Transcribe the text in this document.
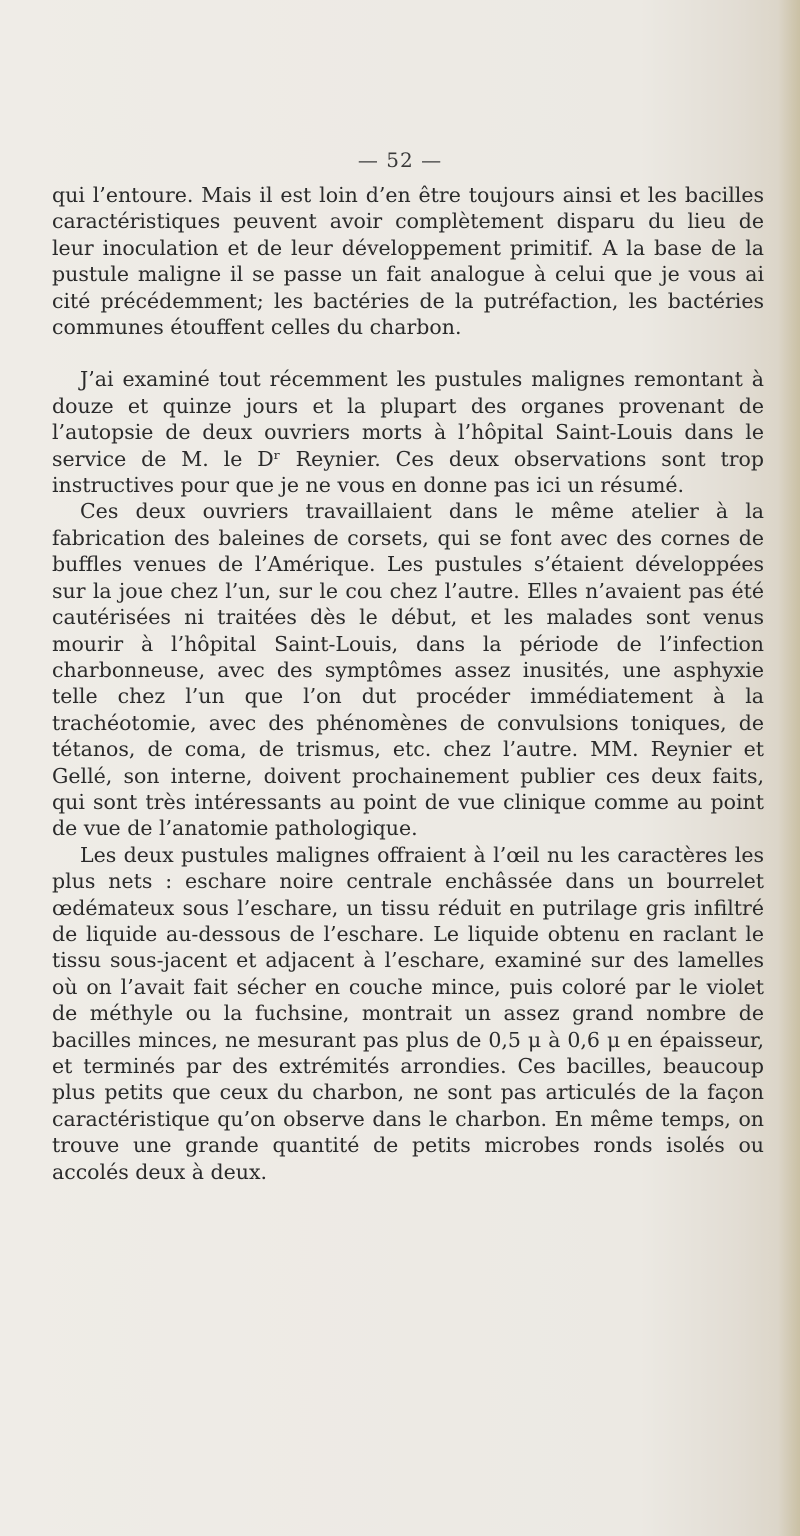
— 52 —

qui l’entoure. Mais il est loin d’en être toujours ainsi et les bacilles caractéristiques peuvent avoir complètement disparu du lieu de leur inoculation et de leur développement primitif. A la base de la pustule maligne il se passe un fait analogue à celui que je vous ai cité précédemment; les bactéries de la putréfaction, les bactéries communes étouffent celles du charbon.

J’ai examiné tout récemment les pustules malignes remontant à douze et quinze jours et la plupart des organes provenant de l’autopsie de deux ouvriers morts à l’hôpital Saint-Louis dans le service de M. le Dʳ Reynier. Ces deux observations sont trop instructives pour que je ne vous en donne pas ici un résumé.

Ces deux ouvriers travaillaient dans le même atelier à la fabrication des baleines de corsets, qui se font avec des cornes de buffles venues de l’Amérique. Les pustules s’étaient développées sur la joue chez l’un, sur le cou chez l’autre. Elles n’avaient pas été cautérisées ni traitées dès le début, et les malades sont venus mourir à l’hôpital Saint-Louis, dans la période de l’infection charbonneuse, avec des symptômes assez inusités, une asphyxie telle chez l’un que l’on dut procéder immédiatement à la trachéotomie, avec des phénomènes de convulsions toniques, de tétanos, de coma, de trismus, etc. chez l’autre. MM. Reynier et Gellé, son interne, doivent prochainement publier ces deux faits, qui sont très intéressants au point de vue clinique comme au point de vue de l’anatomie pathologique.

Les deux pustules malignes offraient à l’œil nu les caractères les plus nets : eschare noire centrale enchâssée dans un bourrelet œdémateux sous l’eschare, un tissu réduit en putrilage gris infiltré de liquide au-dessous de l’eschare. Le liquide obtenu en raclant le tissu sous-jacent et adjacent à l’eschare, examiné sur des lamelles où on l’avait fait sécher en couche mince, puis coloré par le violet de méthyle ou la fuchsine, montrait un assez grand nombre de bacilles minces, ne mesurant pas plus de 0,5 μ à 0,6 μ en épaisseur, et terminés par des extrémités arrondies. Ces bacilles, beaucoup plus petits que ceux du charbon, ne sont pas articulés de la façon caractéristique qu’on observe dans le charbon. En même temps, on trouve une grande quantité de petits microbes ronds isolés ou accolés deux à deux.
